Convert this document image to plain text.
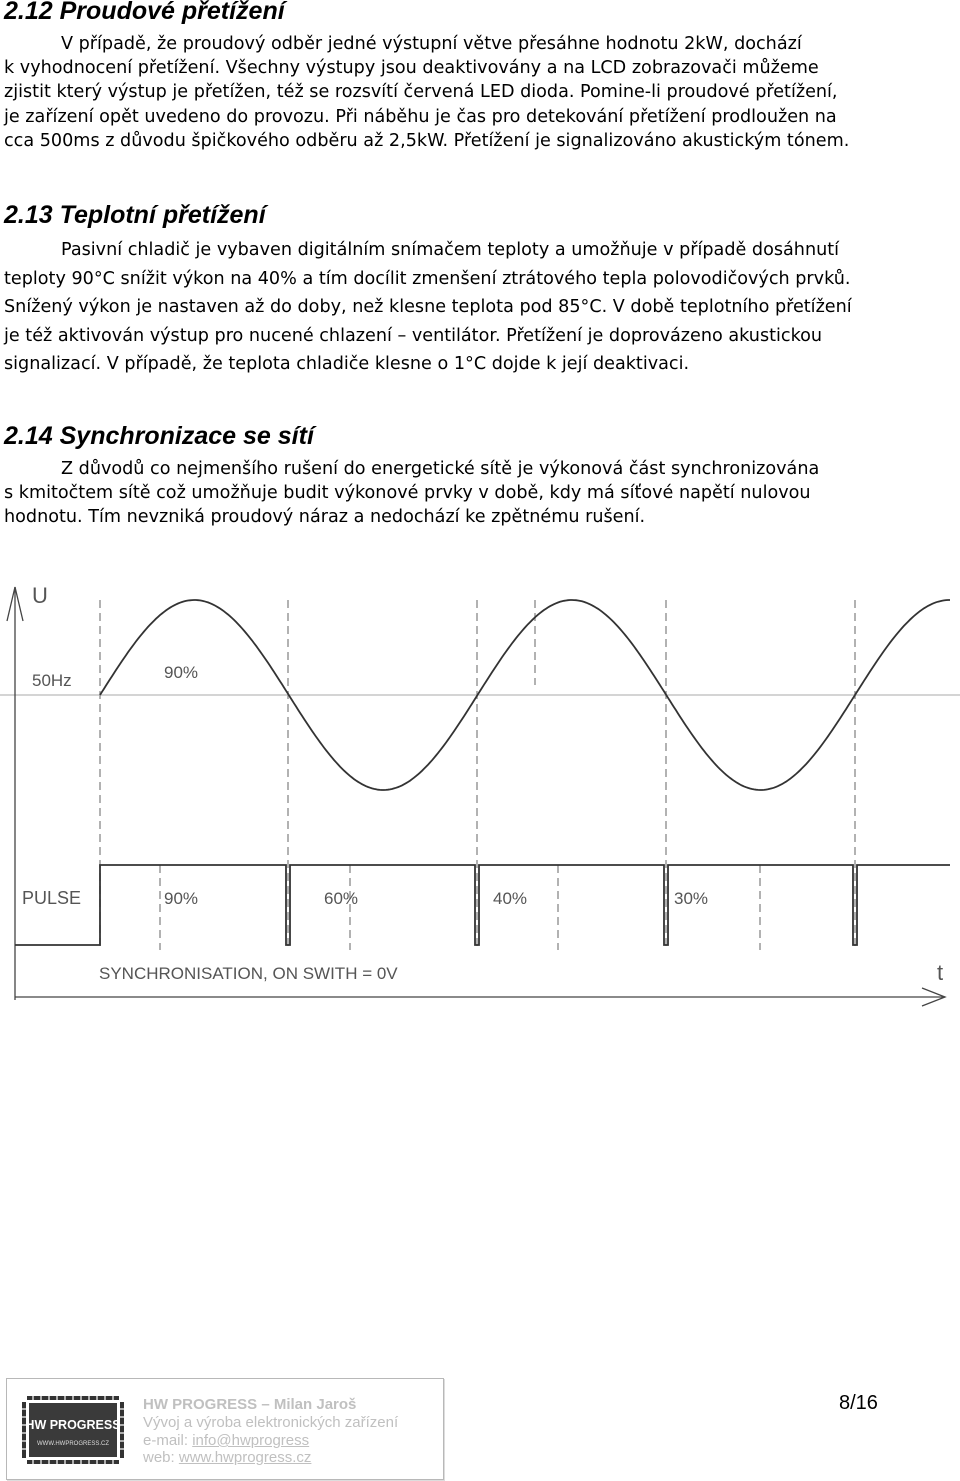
2.12 Proudové přetížení
V případě, že proudový odběr jedné výstupní větve přesáhne hodnotu 2kW, dochází
k vyhodnocení přetížení. Všechny výstupy jsou deaktivovány a na LCD zobrazovači můžeme
zjistit který výstup je přetížen, též se rozsvítí červená LED dioda. Pomine-li proudové přetížení,
je zařízení opět uvedeno do provozu. Při náběhu je čas pro detekování přetížení prodloužen na
cca 500ms z důvodu špičkového odběru až 2,5kW. Přetížení je signalizováno akustickým tónem.
2.13 Teplotní přetížení
Pasivní chladič je vybaven digitálním snímačem teploty a umožňuje v případě dosáhnutí
teploty 90°C snížit výkon na 40% a tím docílit zmenšení ztrátového tepla polovodičových prvků.
Snížený výkon je nastaven až do doby, než klesne teplota pod 85°C. V době teplotního přetížení
je též aktivován výstup pro nucené chlazení – ventilátor. Přetížení je doprovázeno akustickou
signalizací. V případě, že teplota chladiče klesne o 1°C dojde k její deaktivaci.
2.14 Synchronizace se sítí
Z důvodů co nejmenšího rušení do energetické sítě je výkonová část synchronizována
s kmitočtem sítě což umožňuje budit výkonové prvky v době, kdy má síťové napětí nulovou
hodnotu. Tím nevzniká proudový náraz a nedochází ke zpětnému rušení.
U
t
50Hz	90%
PULSE	90%	60%	40%	30%
SYNCHRONISATION, ON SWITH = 0V
HW PROGRESS
WWW.HWPROGRESS.CZ
HW PROGRESS – Milan Jaroš
Vývoj a výroba elektronických zařízení
e-mail: info@hwprogress
web: www.hwprogress.cz
8/16
